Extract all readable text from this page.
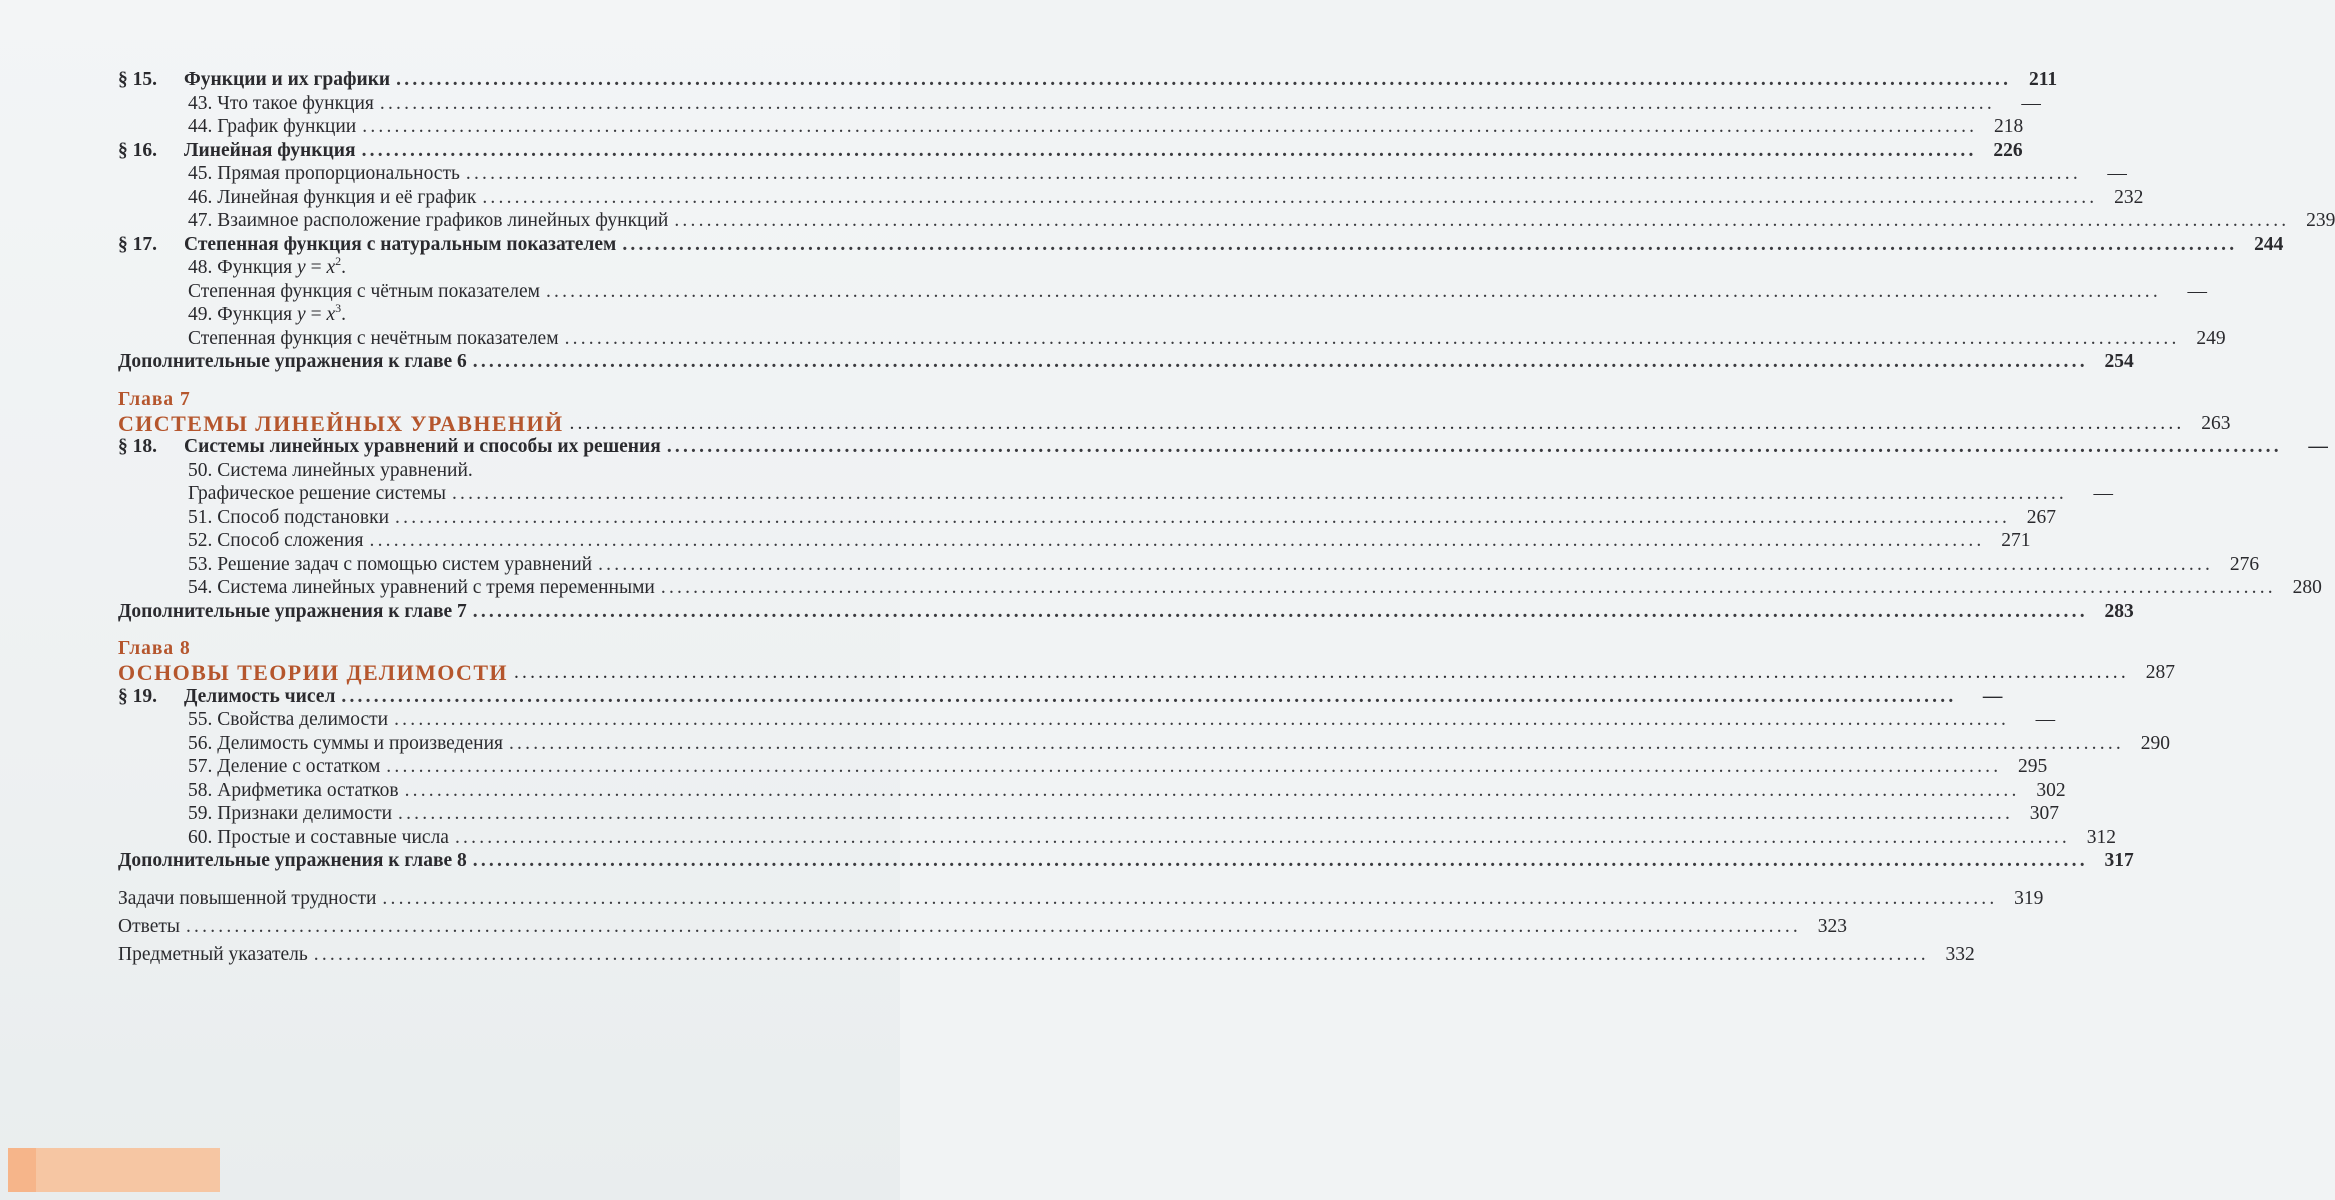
§ 15. Функции и их графики ........................................................................................................................................................................................................ 211
43. Что такое функция ........................................................................................................................................................................................................	—
44. График функции ........................................................................................................................................................................................................ 218
§ 16. Линейная функция ........................................................................................................................................................................................................ 226
45. Прямая пропорциональность ........................................................................................................................................................................................................	—
46. Линейная функция и её график ........................................................................................................................................................................................................ 232
47. Взаимное расположение графиков линейных функций ........................................................................................................................................................................................................ 239
§ 17. Степенная функция с натуральным показателем ........................................................................................................................................................................................................ 244
48. Функция $y = x^2$.
Степенная функция с чётным показателем ........................................................................................................................................................................................................	—
49. Функция $y = x^3$.
Степенная функция с нечётным показателем ........................................................................................................................................................................................................ 249
Дополнительные упражнения к главе 6 ........................................................................................................................................................................................................ 254
Глава 7
СИСТЕМЫ ЛИНЕЙНЫХ УРАВНЕНИЙ ........................................................................................................................................................................................................ 263
§ 18. Системы линейных уравнений и способы их решения ........................................................................................................................................................................................................	—
50. Система линейных уравнений.
Графическое решение системы ........................................................................................................................................................................................................	—
51. Способ подстановки ........................................................................................................................................................................................................ 267
52. Способ сложения ........................................................................................................................................................................................................ 271
53. Решение задач с помощью систем уравнений ........................................................................................................................................................................................................ 276
54. Система линейных уравнений с тремя переменными ........................................................................................................................................................................................................ 280
Дополнительные упражнения к главе 7 ........................................................................................................................................................................................................ 283
Глава 8
ОСНОВЫ ТЕОРИИ ДЕЛИМОСТИ ........................................................................................................................................................................................................ 287
§ 19. Делимость чисел ........................................................................................................................................................................................................	—
55. Свойства делимости ........................................................................................................................................................................................................	—
56. Делимость суммы и произведения ........................................................................................................................................................................................................ 290
57. Деление с остатком ........................................................................................................................................................................................................ 295
58. Арифметика остатков ........................................................................................................................................................................................................ 302
59. Признаки делимости ........................................................................................................................................................................................................ 307
60. Простые и составные числа ........................................................................................................................................................................................................ 312
Дополнительные упражнения к главе 8 ........................................................................................................................................................................................................ 317
Задачи повышенной трудности ........................................................................................................................................................................................................ 319
Ответы ........................................................................................................................................................................................................ 323
Предметный указатель ........................................................................................................................................................................................................ 332
